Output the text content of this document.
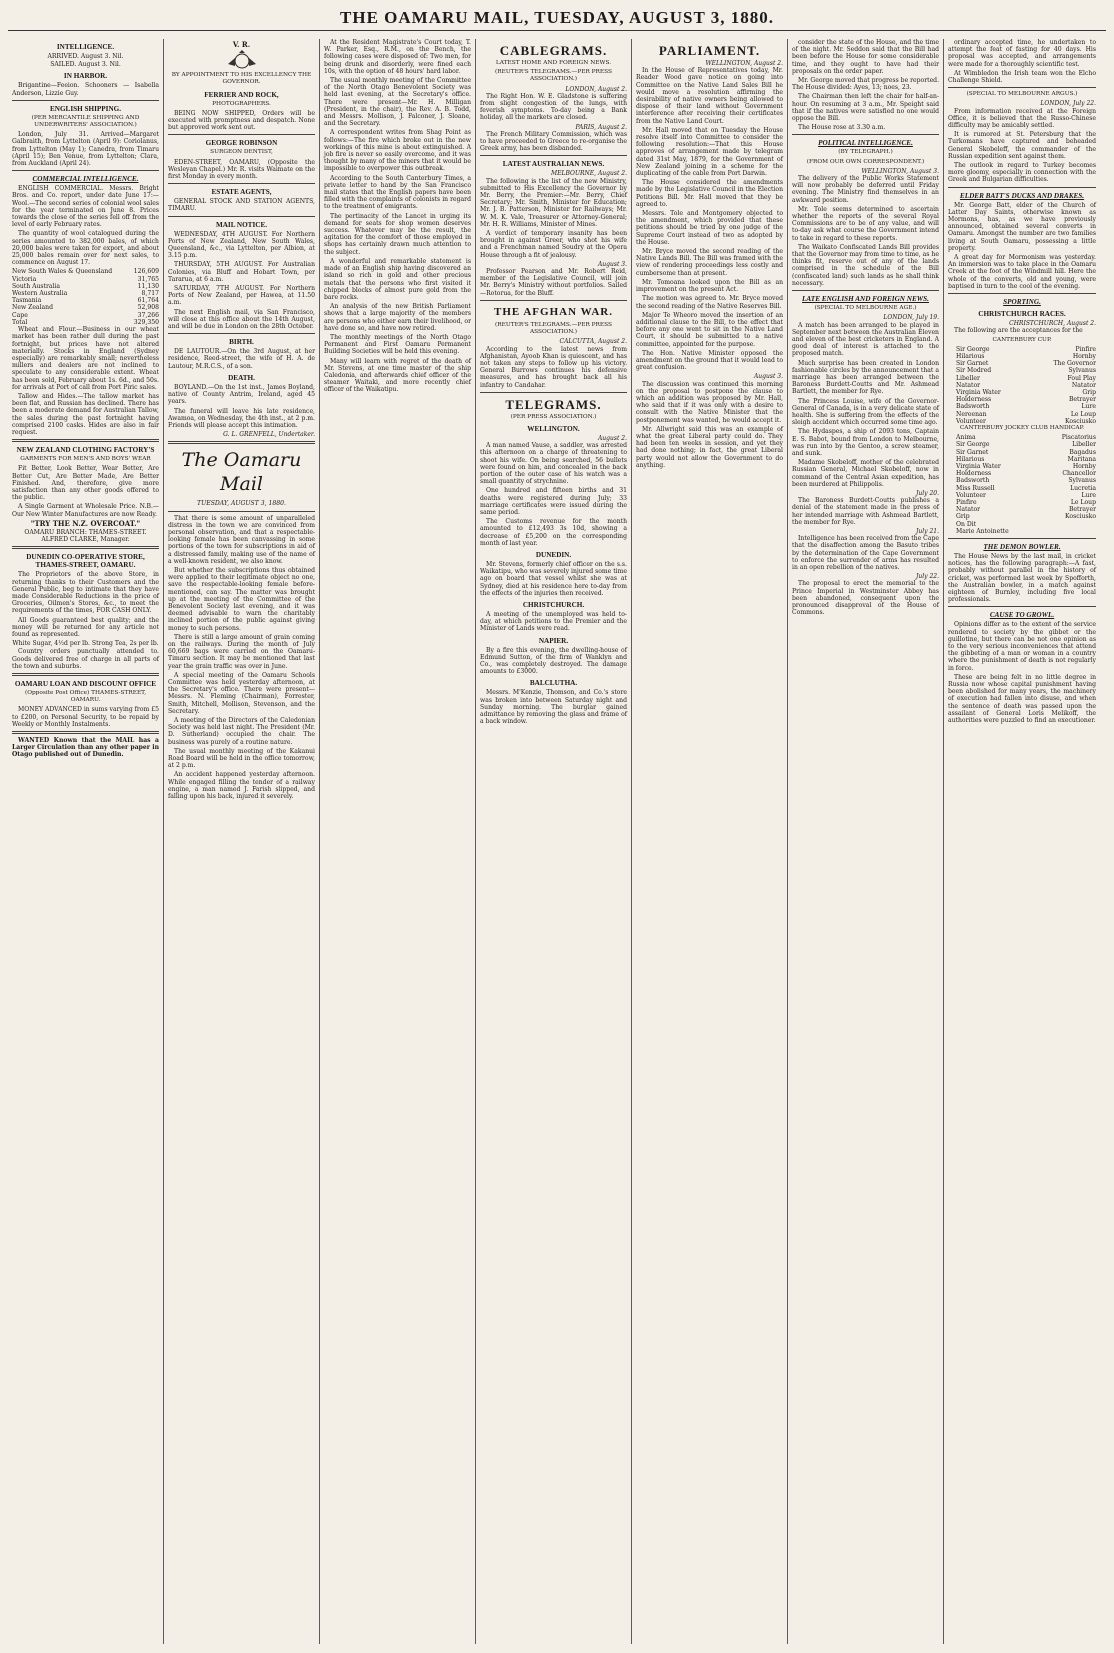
THE OAMARU MAIL, TUESDAY, AUGUST 3, 1880.
INTELLIGENCE.
ARRIVED. August 3. Nil.
SAILED. August 3. Nil.
IN HARBOR.

Brigantine—Feeion. Schooners — Isabella Anderson, Lizzie Guy.

ENGLISH SHIPPING.
(PER MERCANTILE SHIPPING AND UNDERWRITERS' ASSOCIATION.)

London, July 31. Arrived—Margaret Galbraith, from Lyttelton (April 9): Coriolanus, from Lyttelton (May 1); Canedra, from Timaru (April 15); Ben Venue, from Lyttelton; Clara, from Auckland (April 24).

COMMERCIAL INTELLIGENCE.

ENGLISH COMMERCIAL. Messrs. Bright Bros. and Co. report, under date June 17:— Wool.—The second series of colonial wool sales for the year terminated on June 8. Prices towards the close of the series fell off from the level of early February rates.

The quantity of wool catalogued during the series amounted to 382,000 bales, of which 20,000 bales were taken for export, and about 25,000 bales remain over for next sales, to commence on August 17.

New South Wales & Queensland	126,609
Victoria	31,765
South Australia	11,130
Western Australia	8,717
Tasmania	61,764
New Zealand	52,908
Cape	37,266
Total	329,350

Wheat and Flour.—Business in our wheat market has been rather dull during the past fortnight, but prices have not altered materially. Stocks in England (Sydney especially) are remarkably small; nevertheless millers and dealers are not inclined to speculate to any considerable extent. Wheat has been sold, February about 1s. 6d., and 50s. for arrivals at Port of call from Port Piric sales.

Tallow and Hides.—The tallow market has been flat, and Russian has declined. There has been a moderate demand for Australian Tallow, the sales during the past fortnight having comprised 2100 casks. Hides are also in fair request.

NEW ZEALAND CLOTHING FACTORY'S
GARMENTS FOR MEN'S AND BOYS' WEAR

Fit Better, Look Better, Wear Better, Are Better Cut, Are Better Made, Are Better Finished. And, therefore, give more satisfaction than any other goods offered to the public.

A Single Garment at Wholesale Price. N.B.—Our New Winter Manufactures are now Ready.

"TRY THE N.Z. OVERCOAT."
OAMARU BRANCH: THAMES-STREET. ALFRED CLARKE, Manager.
DUNEDIN CO-OPERATIVE STORE, THAMES-STREET, OAMARU.

The Proprietors of the above Store, in returning thanks to their Customers and the General Public, beg to intimate that they have made Considerable Reductions in the price of Groceries, Oilmen's Stores, &c., to meet the requirements of the times, FOR CASH ONLY.

All Goods guaranteed best quality; and the money will be returned for any article not found as represented.

White Sugar, 4½d per lb. Strong Tea, 2s per lb.

Country orders punctually attended to. Goods delivered free of charge in all parts of the town and suburbs.

OAMARU LOAN AND DISCOUNT OFFICE
(Opposite Post Office) THAMES-STREET, OAMARU.

MONEY ADVANCED in sums varying from £5 to £200, on Personal Security, to be repaid by Weekly or Monthly Instalments.

WANTED Known that the MAIL has a Larger Circulation than any other paper in Otago published out of Dunedin.

V. R.
BY APPOINTMENT TO HIS EXCELLENCY THE GOVERNOR.
FERRIER AND ROCK,
PHOTOGRAPHERS.

BEING NOW SHIPPED, Orders will be executed with promptness and despatch. None but approved work sent out.

GEORGE ROBINSON
SURGEON DENTIST,

EDEN-STREET, OAMARU, (Opposite the Wesleyan Chapel.) Mr. R. visits Waimate on the first Monday in every month.

ESTATE AGENTS,

GENERAL STOCK AND STATION AGENTS, TIMARU.

MAIL NOTICE.

WEDNESDAY, 4TH AUGUST. For Northern Ports of New Zealand, New South Wales, Queensland, &c., via Lyttelton, per Albion, at 3.15 p.m.

THURSDAY, 5TH AUGUST. For Australian Colonies, via Bluff and Hobart Town, per Tararua, at 6 a.m.

SATURDAY, 7TH AUGUST. For Northern Ports of New Zealand, per Hawea, at 11.50 a.m.

The next English mail, via San Francisco, will close at this office about the 14th August, and will be due in London on the 28th October.

BIRTH.

DE LAUTOUR.—On the 3rd August, at her residence, Reed-street, the wife of H. A. de Lautour, M.R.C.S., of a son.

DEATH.

BOYLAND.—On the 1st inst., James Boyland, native of County Antrim, Ireland, aged 45 years.

The funeral will leave his late residence, Awamoa, on Wednesday, the 4th inst., at 2 p.m. Friends will please accept this intimation.

G. L. GRENFELL, Undertaker.
The Oamaru Mail
TUESDAY, AUGUST 3, 1880.

That there is some amount of unparalleled distress in the town we are convinced from personal observation, and that a respectable-looking female has been canvassing in some portions of the town for subscriptions in aid of a distressed family, making use of the name of a well-known resident, we also know.

But whether the subscriptions thus obtained were applied to their legitimate object no one, save the respectable-looking female before-mentioned, can say. The matter was brought up at the meeting of the Committee of the Benevolent Society last evening, and it was deemed advisable to warn the charitably inclined portion of the public against giving money to such persons.

There is still a large amount of grain coming on the railways. During the month of July 60,669 bags were carried on the Oamaru-Timaru section. It may be mentioned that last year the grain traffic was over in June.

A special meeting of the Oamaru Schools Committee was held yesterday afternoon, at the Secretary's office. There were present—Messrs. N. Fleming (Chairman), Forrester, Smith, Mitchell, Mollison, Stevenson, and the Secretary.

A meeting of the Directors of the Caledonian Society was held last night. The President (Mr. D. Sutherland) occupied the chair. The business was purely of a routine nature.

The usual monthly meeting of the Kakanui Road Board will be held in the office tomorrow, at 2 p.m.

An accident happened yesterday afternoon. While engaged filling the tender of a railway engine, a man named J. Farish slipped, and falling upon his back, injured it severely.

At the Resident Magistrate's Court today, T. W. Parker, Esq., R.M., on the Bench, the following cases were disposed of: Two men, for being drunk and disorderly, were fined each 10s, with the option of 48 hours' hard labor.

The usual monthly meeting of the Committee of the North Otago Benevolent Society was held last evening, at the Secretary's office. There were present—Mr. H. Milligan (President, in the chair), the Rev. A. B. Todd, and Messrs. Mollison, J. Falconer, J. Sloane, and the Secretary.

A correspondent writes from Shag Point as follows:—The fire which broke out in the new workings of this mine is about extinguished. A job fire is never so easily overcome, and it was thought by many of the miners that it would be impossible to overpower this outbreak.

According to the South Canterbury Times, a private letter to hand by the San Francisco mail states that the English papers have been filled with the complaints of colonists in regard to the treatment of emigrants.

The pertinacity of the Lancet in urging its demand for seats for shop women deserves success. Whatever may be the result, the agitation for the comfort of those employed in shops has certainly drawn much attention to the subject.

A wonderful and remarkable statement is made of an English ship having discovered an island so rich in gold and other precious metals that the persons who first visited it chipped blocks of almost pure gold from the bare rocks.

An analysis of the new British Parliament shows that a large majority of the members are persons who either earn their livelihood, or have done so, and have now retired.

The monthly meetings of the North Otago Permanent and First Oamaru Permanent Building Societies will be held this evening.

Many will learn with regret of the death of Mr. Stevens, at one time master of the ship Caledonia, and afterwards chief officer of the steamer Waitaki, and more recently chief officer of the Waikatipu.

CABLEGRAMS.
LATEST HOME AND FOREIGN NEWS.
(REUTER'S TELEGRAMS.—PER PRESS ASSOCIATION.)
LONDON, August 2.

The Right Hon. W. E. Gladstone is suffering from slight congestion of the lungs, with feverish symptoms. To-day being a Bank holiday, all the markets are closed.

PARIS, August 2.

The French Military Commission, which was to have proceeded to Greece to re-organise the Greek army, has been disbanded.

LATEST AUSTRALIAN NEWS.
MELBOURNE, August 2.

The following is the list of the new Ministry, submitted to His Excellency the Governor by Mr. Berry, the Premier:—Mr. Berry, Chief Secretary; Mr. Smith, Minister for Education; Mr. J. B. Patterson, Minister for Railways; Mr. W. M. K. Vale, Treasurer or Attorney-General; Mr. H. R. Williams, Minister of Mines.

A verdict of temporary insanity has been brought in against Greer, who shot his wife and a Frenchman named Soudry at the Opera House through a fit of jealousy.

August 3.

Professor Pearson and Mr. Robert Reid, member of the Legislative Council, will join Mr. Berry's Ministry without portfolios. Sailed—Rotorua, for the Bluff.

THE AFGHAN WAR.
(REUTER'S TELEGRAMS.—PER PRESS ASSOCIATION.)
CALCUTTA, August 2.

According to the latest news from Afghanistan, Ayoob Khan is quiescent, and has not taken any steps to follow up his victory. General Burrows continues his defensive measures, and has brought back all his infantry to Candahar.

TELEGRAMS.
(PER PRESS ASSOCIATION.)
WELLINGTON.
August 2.

A man named Vause, a saddler, was arrested this afternoon on a charge of threatening to shoot his wife. On being searched, 56 bullets were found on him, and concealed in the back portion of the outer case of his watch was a small quantity of strychnine.

One hundred and fifteen births and 31 deaths were registered during July; 33 marriage certificates were issued during the same period.

The Customs revenue for the month amounted to £12,493 3s 10d, showing a decrease of £5,200 on the corresponding month of last year.

DUNEDIN.

Mr. Stevens, formerly chief officer on the s.s. Waikatipu, who was severely injured some time ago on board that vessel whilst she was at Sydney, died at his residence here to-day from the effects of the injuries then received.

CHRISTCHURCH.

A meeting of the unemployed was held to-day, at which petitions to the Premier and the Minister of Lands were read.

NAPIER.

By a fire this evening, the dwelling-house of Edmund Sutton, of the firm of Wanklyn and Co., was completely destroyed. The damage amounts to £3000.

BALCLUTHA.

Messrs. M'Kenzie, Thomson, and Co.'s store was broken into between Saturday night and Sunday morning. The burglar gained admittance by removing the glass and frame of a back window.

PARLIAMENT.
WELLINGTON, August 2.

In the House of Representatives today, Mr. Reader Wood gave notice on going into Committee on the Native Land Sales Bill he would move a resolution affirming the desirability of native owners being allowed to dispose of their land without Government interference after receiving their certificates from the Native Land Court.

Mr. Hall moved that on Tuesday the House resolve itself into Committee to consider the following resolution:—That this House approves of arrangement made by telegram dated 31st May, 1879, for the Government of New Zealand joining in a scheme for the duplicating of the cable from Port Darwin.

The House considered the amendments made by the Legislative Council in the Election Petitions Bill. Mr. Hall moved that they be agreed to.

Messrs. Tole and Montgomery objected to the amendment, which provided that these petitions should be tried by one judge of the Supreme Court instead of two as adopted by the House.

Mr. Bryce moved the second reading of the Native Lands Bill. The Bill was framed with the view of rendering proceedings less costly and cumbersome than at present.

Mr. Tomoana looked upon the Bill as an improvement on the present Act.

The motion was agreed to. Mr. Bryce moved the second reading of the Native Reserves Bill.

Major Te Wheoro moved the insertion of an additional clause to the Bill, to the effect that before any one went to sit in the Native Land Court, it should be submitted to a native committee, appointed for the purpose.

The Hon. Native Minister opposed the amendment on the ground that it would lead to great confusion.

August 3.

The discussion was continued this morning on the proposal to postpone the clause to which an addition was proposed by Mr. Hall, who said that if it was only with a desire to consult with the Native Minister that the postponement was wanted, he would accept it.

Mr. Allwright said this was an example of what the great Liberal party could do. They had been ten weeks in session, and yet they had done nothing; in fact, the great Liberal party would not allow the Government to do anything.

consider the state of the House, and the time of the night. Mr. Seddon said that the Bill had been before the House for some considerable time, and they ought to have had their proposals on the order paper.

Mr. George moved that progress be reported. The House divided: Ayes, 13; noes, 23.

The Chairman then left the chair for half-an-hour. On resuming at 3 a.m., Mr. Speight said that if the natives were satisfied no one would oppose the Bill.

The House rose at 3.30 a.m.

POLITICAL INTELLIGENCE.
(BY TELEGRAPH.)
(FROM OUR OWN CORRESPONDENT.)
WELLINGTON, August 3.

The delivery of the Public Works Statement will now probably be deferred until Friday evening. The Ministry find themselves in an awkward position.

Mr. Tole seems determined to ascertain whether the reports of the several Royal Commissions are to be of any value, and will to-day ask what course the Government intend to take in regard to these reports.

The Waikato Confiscated Lands Bill provides that the Governor may from time to time, as he thinks fit, reserve out of any of the lands comprised in the schedule of the Bill (confiscated land) such lands as he shall think necessary.

LATE ENGLISH AND FOREIGN NEWS.
(SPECIAL TO MELBOURNE AGE.)
LONDON, July 19.

A match has been arranged to be played in September next between the Australian Eleven and eleven of the best cricketers in England. A good deal of interest is attached to the proposed match.

Much surprise has been created in London fashionable circles by the announcement that a marriage has been arranged between the Baroness Burdett-Coutts and Mr. Ashmead Bartlett, the member for Rye.

The Princess Louise, wife of the Governor-General of Canada, is in a very delicate state of health. She is suffering from the effects of the sleigh accident which occurred some time ago.

The Hydaspes, a ship of 2093 tons, Captain E. S. Babot, bound from London to Melbourne, was run into by the Gentoo, a screw steamer, and sunk.

Madame Skobeloff, mother of the celebrated Russian General, Michael Skobeloff, now in command of the Central Asian expedition, has been murdered at Philippolis.

July 20.

The Baroness Burdett-Coutts publishes a denial of the statement made in the press of her intended marriage with Ashmead Bartlett, the member for Rye.

July 21.

Intelligence has been received from the Cape that the disaffection among the Basuto tribes by the determination of the Cape Government to enforce the surrender of arms has resulted in an open rebellion of the natives.

July 22.

The proposal to erect the memorial to the Prince Imperial in Westminster Abbey has been abandoned, consequent upon the pronounced disapproval of the House of Commons.

ordinary accepted time, he undertaken to attempt the feat of fasting for 40 days. His proposal was accepted, and arrangements were made for a thoroughly scientific test.

At Wimbledon the Irish team won the Elcho Challenge Shield.

(SPECIAL TO MELBOURNE ARGUS.)
LONDON, July 22.

From information received at the Foreign Office, it is believed that the Russo-Chinese difficulty may be amicably settled.

It is rumored at St. Petersburg that the Turkomans have captured and beheaded General Skobeleff, the commander of the Russian expedition sent against them.

The outlook in regard to Turkey becomes more gloomy, especially in connection with the Greek and Bulgarian difficulties.

ELDER BATT'S DUCKS AND DRAKES.

Mr. George Batt, elder of the Church of Latter Day Saints, otherwise known as Mormons, has, as we have previously announced, obtained several converts in Oamaru. Amongst the number are two families living at South Oamaru, possessing a little property.

A great day for Mormonism was yesterday. An immersion was to take place in the Oamaru Creek at the foot of the Windmill hill. Here the whole of the converts, old and young, were baptised in turn to the cool of the evening.

SPORTING.
CHRISTCHURCH RACES.
CHRISTCHURCH, August 2.

The following are the acceptances for the

CANTERBURY CUP.
Sir George	Pinfire
Hilarious	Hornby
Sir Garnet	The Governor
Sir Modred	Sylvanus
Libeller	Foul Play
Natator	Natator
Virginia Water	Grip
Holderness	Betrayer
Badsworth	Lure
Nereenan	Le Loup
Volunteer	Kosciusko
CANTERBURY JOCKEY CLUB HANDICAP.
Anima	Piscatorius
Sir George	Libeller
Sir Garnet	Bagadus
Hilarious	Maritana
Virginia Water	Hornby
Holderness	Chancellor
Badsworth	Sylvanus
Miss Russell	Lucretia
Volunteer	Lure
Pinfire	Le Loup
Natator	Betrayer
Grip	Kosciusko
On Dit
Marie Antoinette
THE DEMON BOWLER.

The House News by the last mail, in cricket notices, has the following paragraph:—A fast, probably without parallel in the history of cricket, was performed last week by Spofforth, the Australian bowler, in a match against eighteen of Burnley, including five local professionals.

CAUSE TO GROWL.

Opinions differ as to the extent of the service rendered to society by the gibbet or the guillotine, but there can be not one opinion as to the very serious inconveniences that attend the gibbeting of a man or woman in a country where the punishment of death is not regularly in force.

These are being felt in no little degree in Russia now whose capital punishment having been abolished for many years, the machinery of execution had fallen into disuse, and when the sentence of death was passed upon the assailant of General Loris Melikoff, the authorities were puzzled to find an executioner.
